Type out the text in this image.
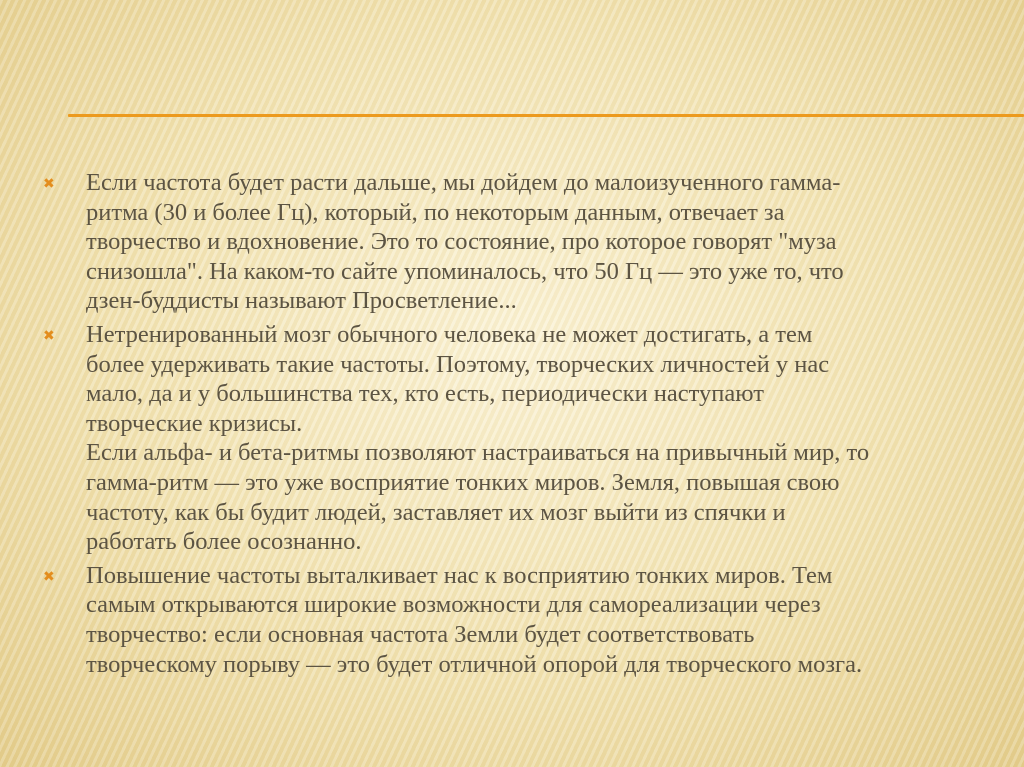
✖ Если частота будет расти дальше, мы дойдем до малоизученного гамма-
ритма (30 и более Гц), который, по некоторым данным, отвечает за
творчество и вдохновение. Это то состояние, про которое говорят "муза
снизошла". На каком-то сайте упоминалось, что 50 Гц — это уже то, что
дзен-буддисты называют Просветление...
✖ Нетренированный мозг обычного человека не может достигать, а тем
более удерживать такие частоты. Поэтому, творческих личностей у нас
мало, да и у большинства тех, кто есть, периодически наступают
творческие кризисы.
Если альфа- и бета-ритмы позволяют настраиваться на привычный мир, то
гамма-ритм — это уже восприятие тонких миров. Земля, повышая свою
частоту, как бы будит людей, заставляет их мозг выйти из спячки и
работать более осознанно.
✖ Повышение частоты выталкивает нас к восприятию тонких миров. Тем
самым открываются широкие возможности для самореализации через
творчество: если основная частота Земли будет соответствовать
творческому порыву — это будет отличной опорой для творческого мозга.
